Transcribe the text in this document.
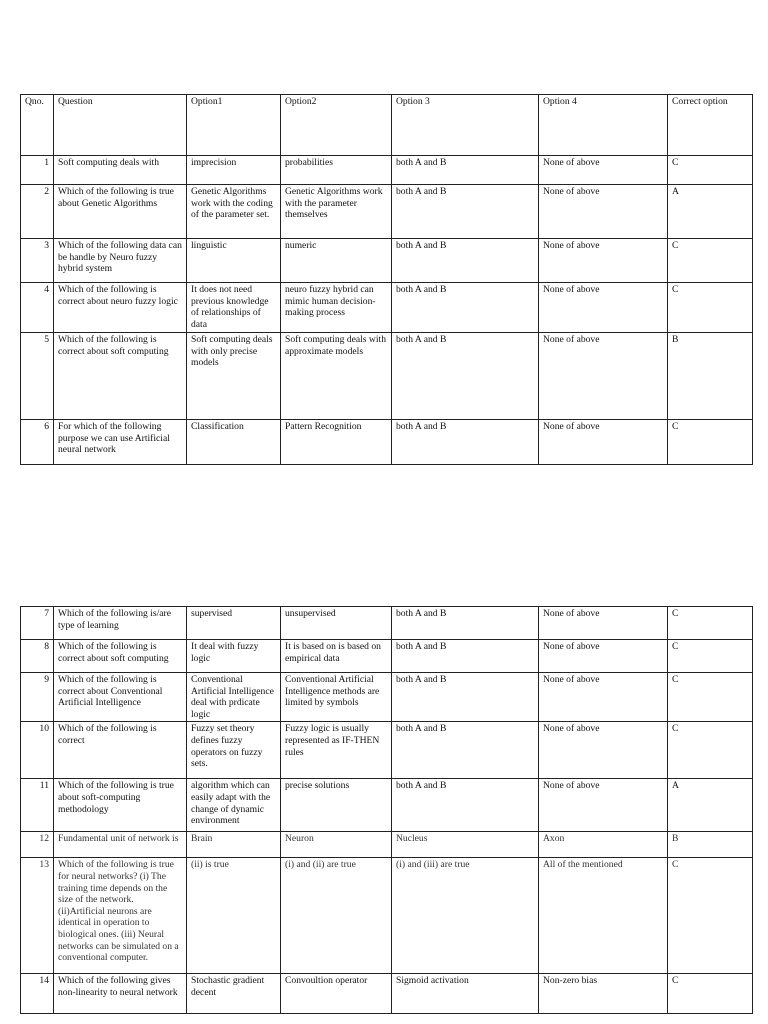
Qno.	Question	Option1	Option2	Option 3	Option 4	Correct option
1	Soft computing deals with	imprecision	probabilities	both A and B	None of above	C
2	Which of the following is true about Genetic Algorithms	Genetic Algorithms work with the coding of the parameter set.	Genetic Algorithms work with the parameter themselves	both A and B	None of above	A
3	Which of the following data can be handle by Neuro fuzzy hybrid system	linguistic	numeric	both A and B	None of above	C
4	Which of the following is correct about neuro fuzzy logic	It does not need previous knowledge of relationships of data	neuro fuzzy hybrid can mimic human decision-making process	both A and B	None of above	C
5	Which of the following is correct about soft computing	Soft computing deals with only precise models	Soft computing deals with approximate models	both A and B	None of above	B
6	For which of the following purpose we can use Artificial neural network	Classification	Pattern Recognition	both A and B	None of above	C
7	Which of the following is/are type of learning	supervised	unsupervised	both A and B	None of above	C
8	Which of the following is correct about soft computing	It deal with fuzzy logic	It is based on is based on empirical data	both A and B	None of above	C
9	Which of the following is correct about Conventional Artificial Intelligence	Conventional Artificial Intelligence deal with prdicate logic	Conventional Artificial Intelligence methods are limited by symbols	both A and B	None of above	C
10	Which of the following is correct	Fuzzy set theory defines fuzzy operators on fuzzy sets.	Fuzzy logic is usually represented as IF-THEN rules	both A and B	None of above	C
11	Which of the following is true about soft-computing methodology	algorithm which can easily adapt with the change of dynamic environment	precise solutions	both A and B	None of above	A
12	Fundamental unit of network is	Brain	Neuron	Nucleus	Axon	B
13	Which of the following is true for neural networks? (i) The training time depends on the size of the network. (ii)Artificial neurons are identical in operation to biological ones. (iii) Neural networks can be simulated on a conventional computer.	(ii) is true	(i) and (ii) are true	(i) and (iii) are true	All of the mentioned	C
14	Which of the following gives non-linearity to neural network	Stochastic gradient decent	Convoultion operator	Sigmoid activation	Non-zero bias	C
